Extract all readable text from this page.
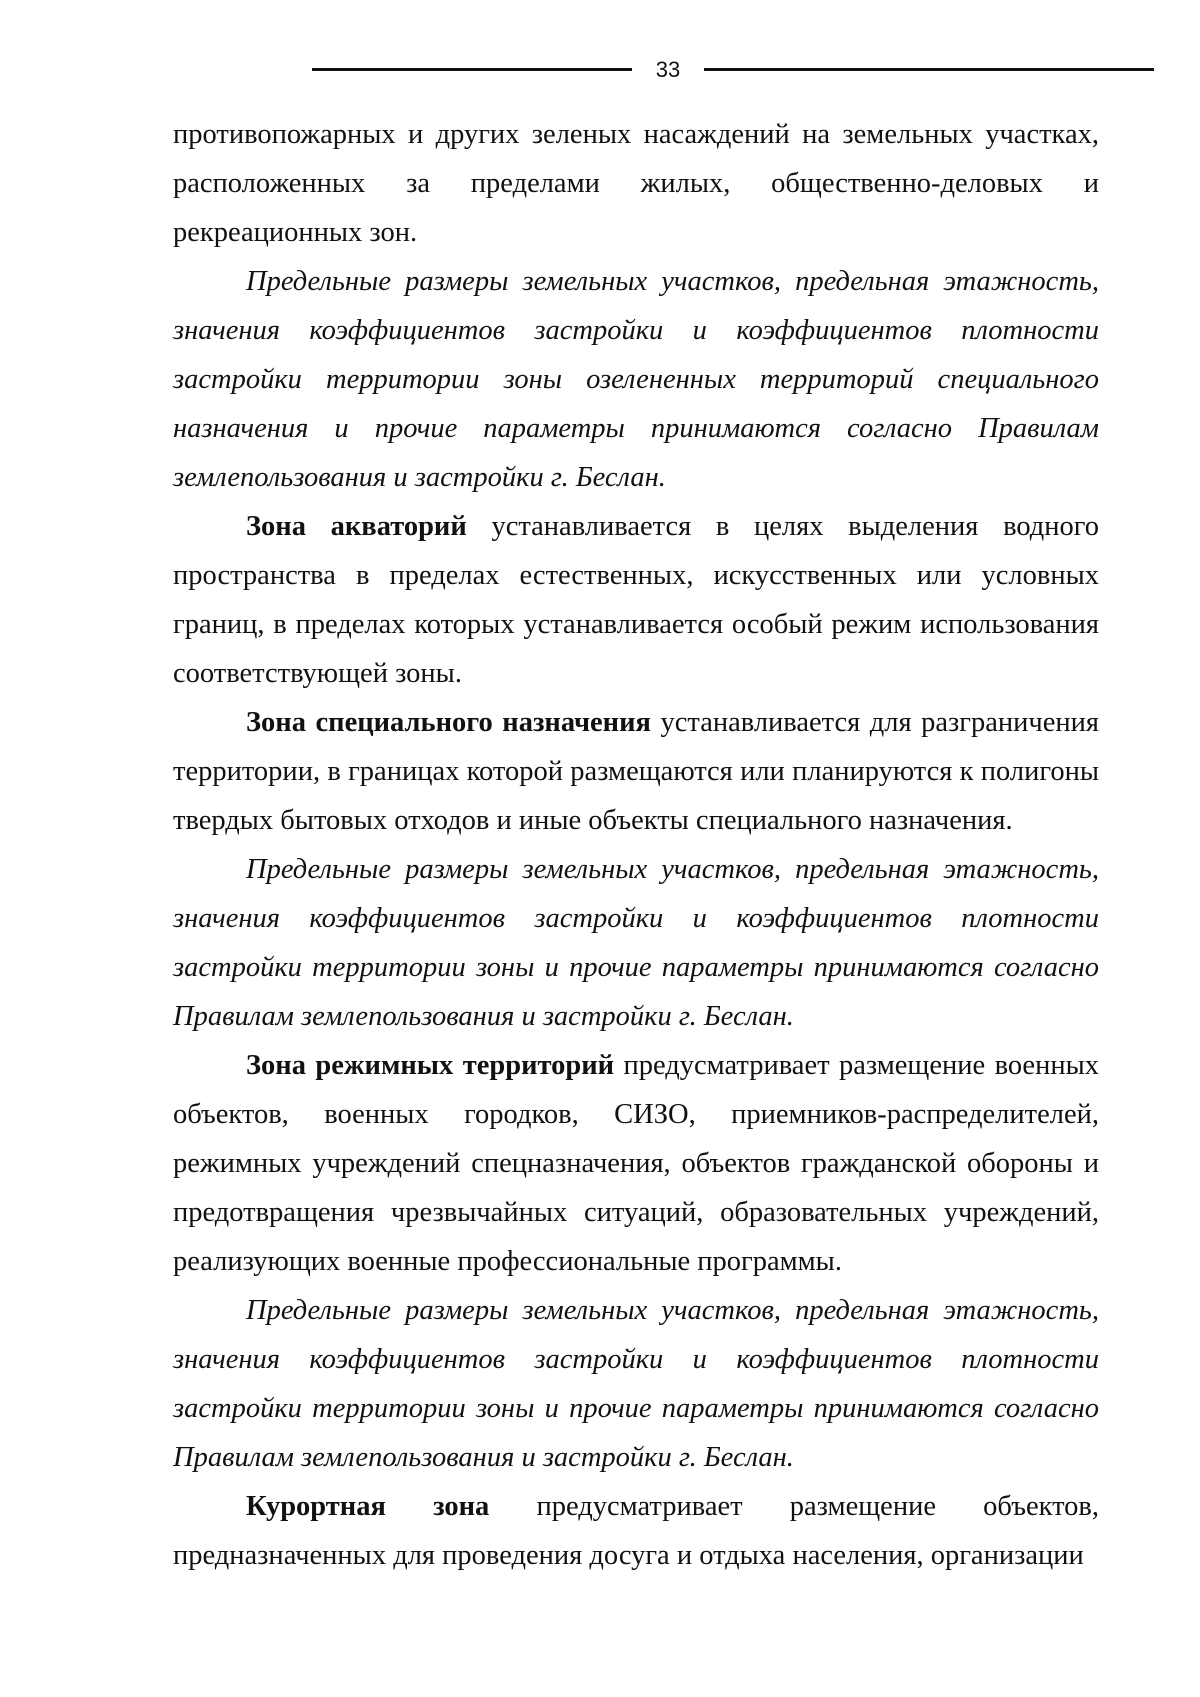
33

противопожарных и других зеленых насаждений на земельных участках, расположенных за пределами жилых, общественно-деловых и рекреационных зон.

Предельные размеры земельных участков, предельная этажность, значения коэффициентов застройки и коэффициентов плотности застройки территории зоны озелененных территорий специального назначения и прочие параметры принимаются согласно Правилам землепользования и застройки г. Беслан.

Зона акваторий устанавливается в целях выделения водного пространства в пределах естественных, искусственных или условных границ, в пределах которых устанавливается особый режим использования соответствующей зоны.

Зона специального назначения устанавливается для разграничения территории, в границах которой размещаются или планируются к полигоны твердых бытовых отходов и иные объекты специального назначения.

Предельные размеры земельных участков, предельная этажность, значения коэффициентов застройки и коэффициентов плотности застройки территории зоны и прочие параметры принимаются согласно Правилам землепользования и застройки г. Беслан.

Зона режимных территорий предусматривает размещение военных объектов, военных городков, СИЗО, приемников-распределителей, режимных учреждений спецназначения, объектов гражданской обороны и предотвращения чрезвычайных ситуаций, образовательных учреждений, реализующих военные профессиональные программы.

Предельные размеры земельных участков, предельная этажность, значения коэффициентов застройки и коэффициентов плотности застройки территории зоны и прочие параметры принимаются согласно Правилам землепользования и застройки г. Беслан.

Курортная зона предусматривает размещение объектов, предназначенных для проведения досуга и отдыха населения, организации
